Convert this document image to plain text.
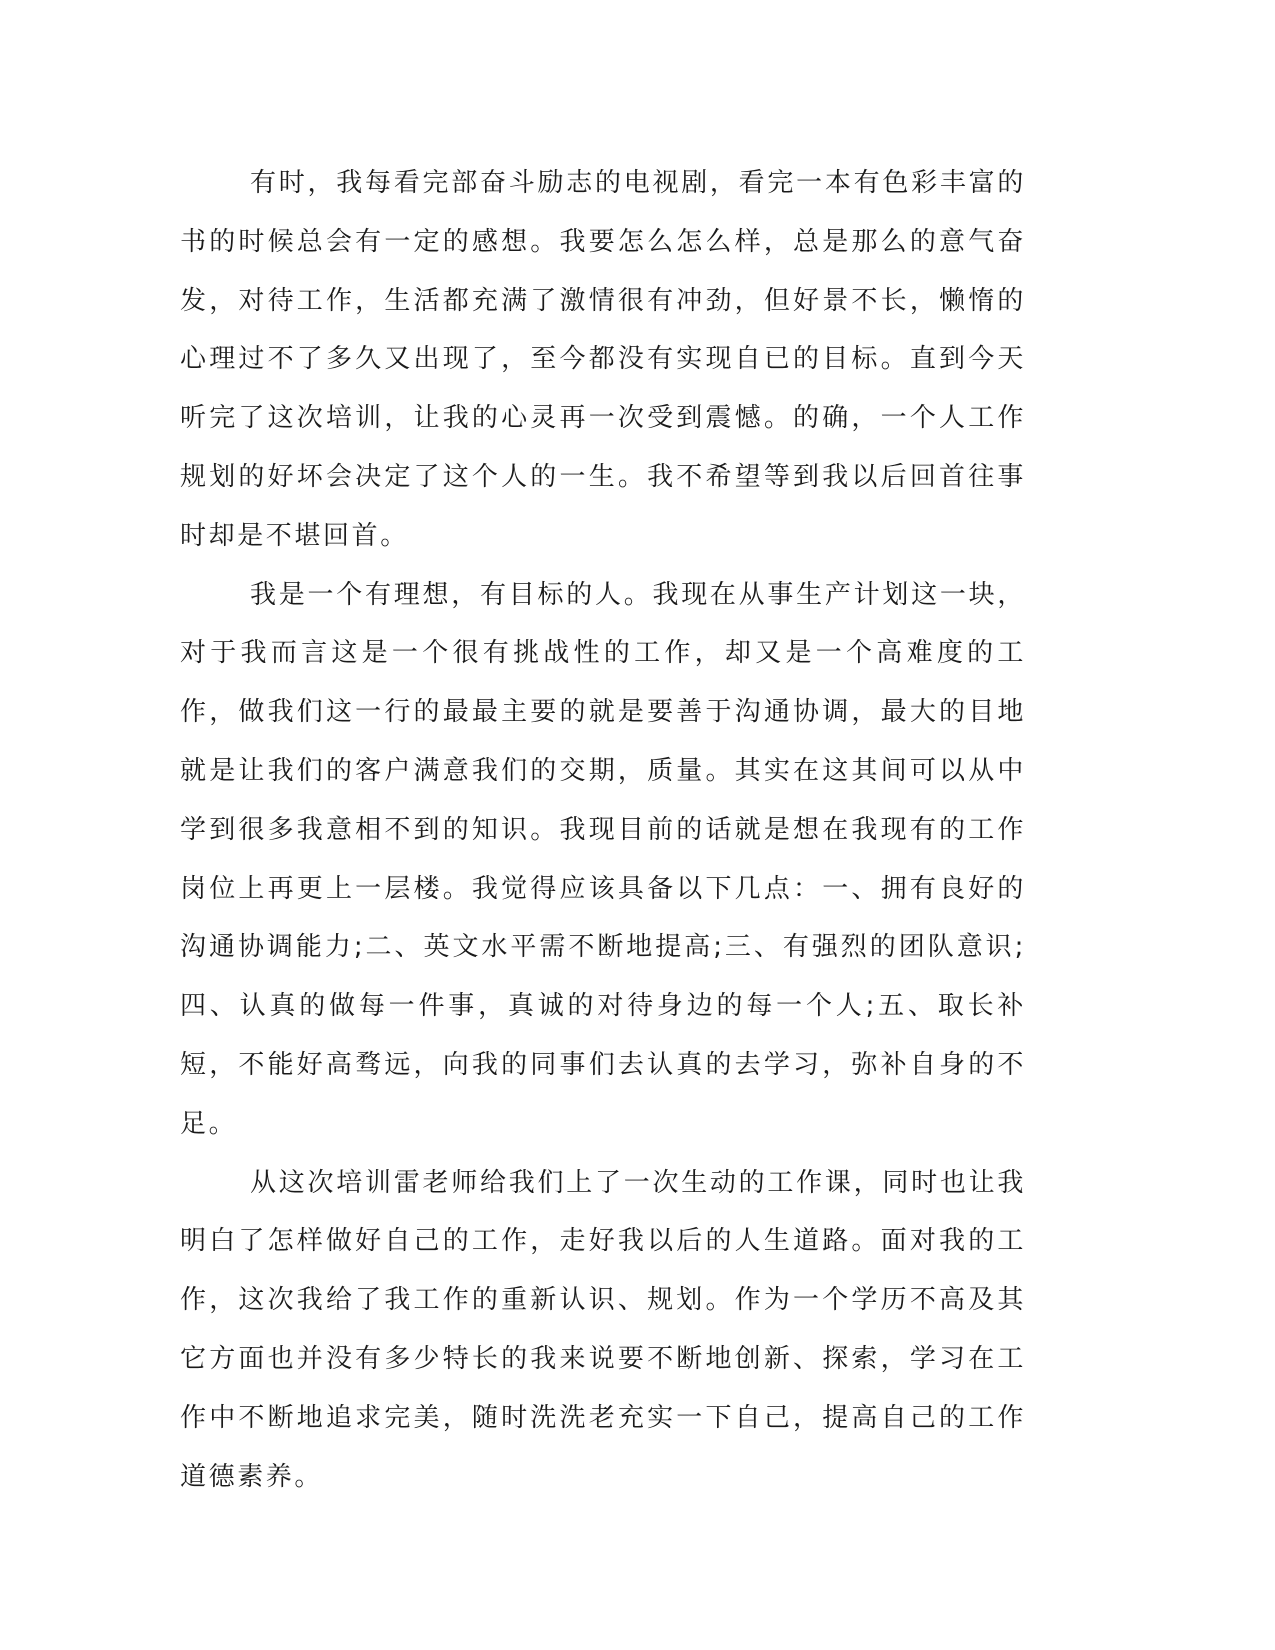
有时，我每看完部奋斗励志的电视剧，看完一本有色彩丰富的书的时候总会有一定的感想。我要怎么怎么样，总是那么的意气奋发，对待工作，生活都充满了激情很有冲劲，但好景不长，懒惰的心理过不了多久又出现了，至今都没有实现自已的目标。直到今天听完了这次培训，让我的心灵再一次受到震憾。的确，一个人工作规划的好坏会决定了这个人的一生。我不希望等到我以后回首往事时却是不堪回首。

我是一个有理想，有目标的人。我现在从事生产计划这一块，对于我而言这是一个很有挑战性的工作，却又是一个高难度的工作，做我们这一行的最最主要的就是要善于沟通协调，最大的目地就是让我们的客户满意我们的交期，质量。其实在这其间可以从中学到很多我意相不到的知识。我现目前的话就是想在我现有的工作岗位上再更上一层楼。我觉得应该具备以下几点：一、拥有良好的沟通协调能力;二、英文水平需不断地提高;三、有强烈的团队意识;四、认真的做每一件事，真诚的对待身边的每一个人;五、取长补短，不能好高骛远，向我的同事们去认真的去学习，弥补自身的不足。

从这次培训雷老师给我们上了一次生动的工作课，同时也让我明白了怎样做好自己的工作，走好我以后的人生道路。面对我的工作，这次我给了我工作的重新认识、规划。作为一个学历不高及其它方面也并没有多少特长的我来说要不断地创新、探索，学习在工作中不断地追求完美，随时洗洗老充实一下自己，提高自己的工作道德素养。
